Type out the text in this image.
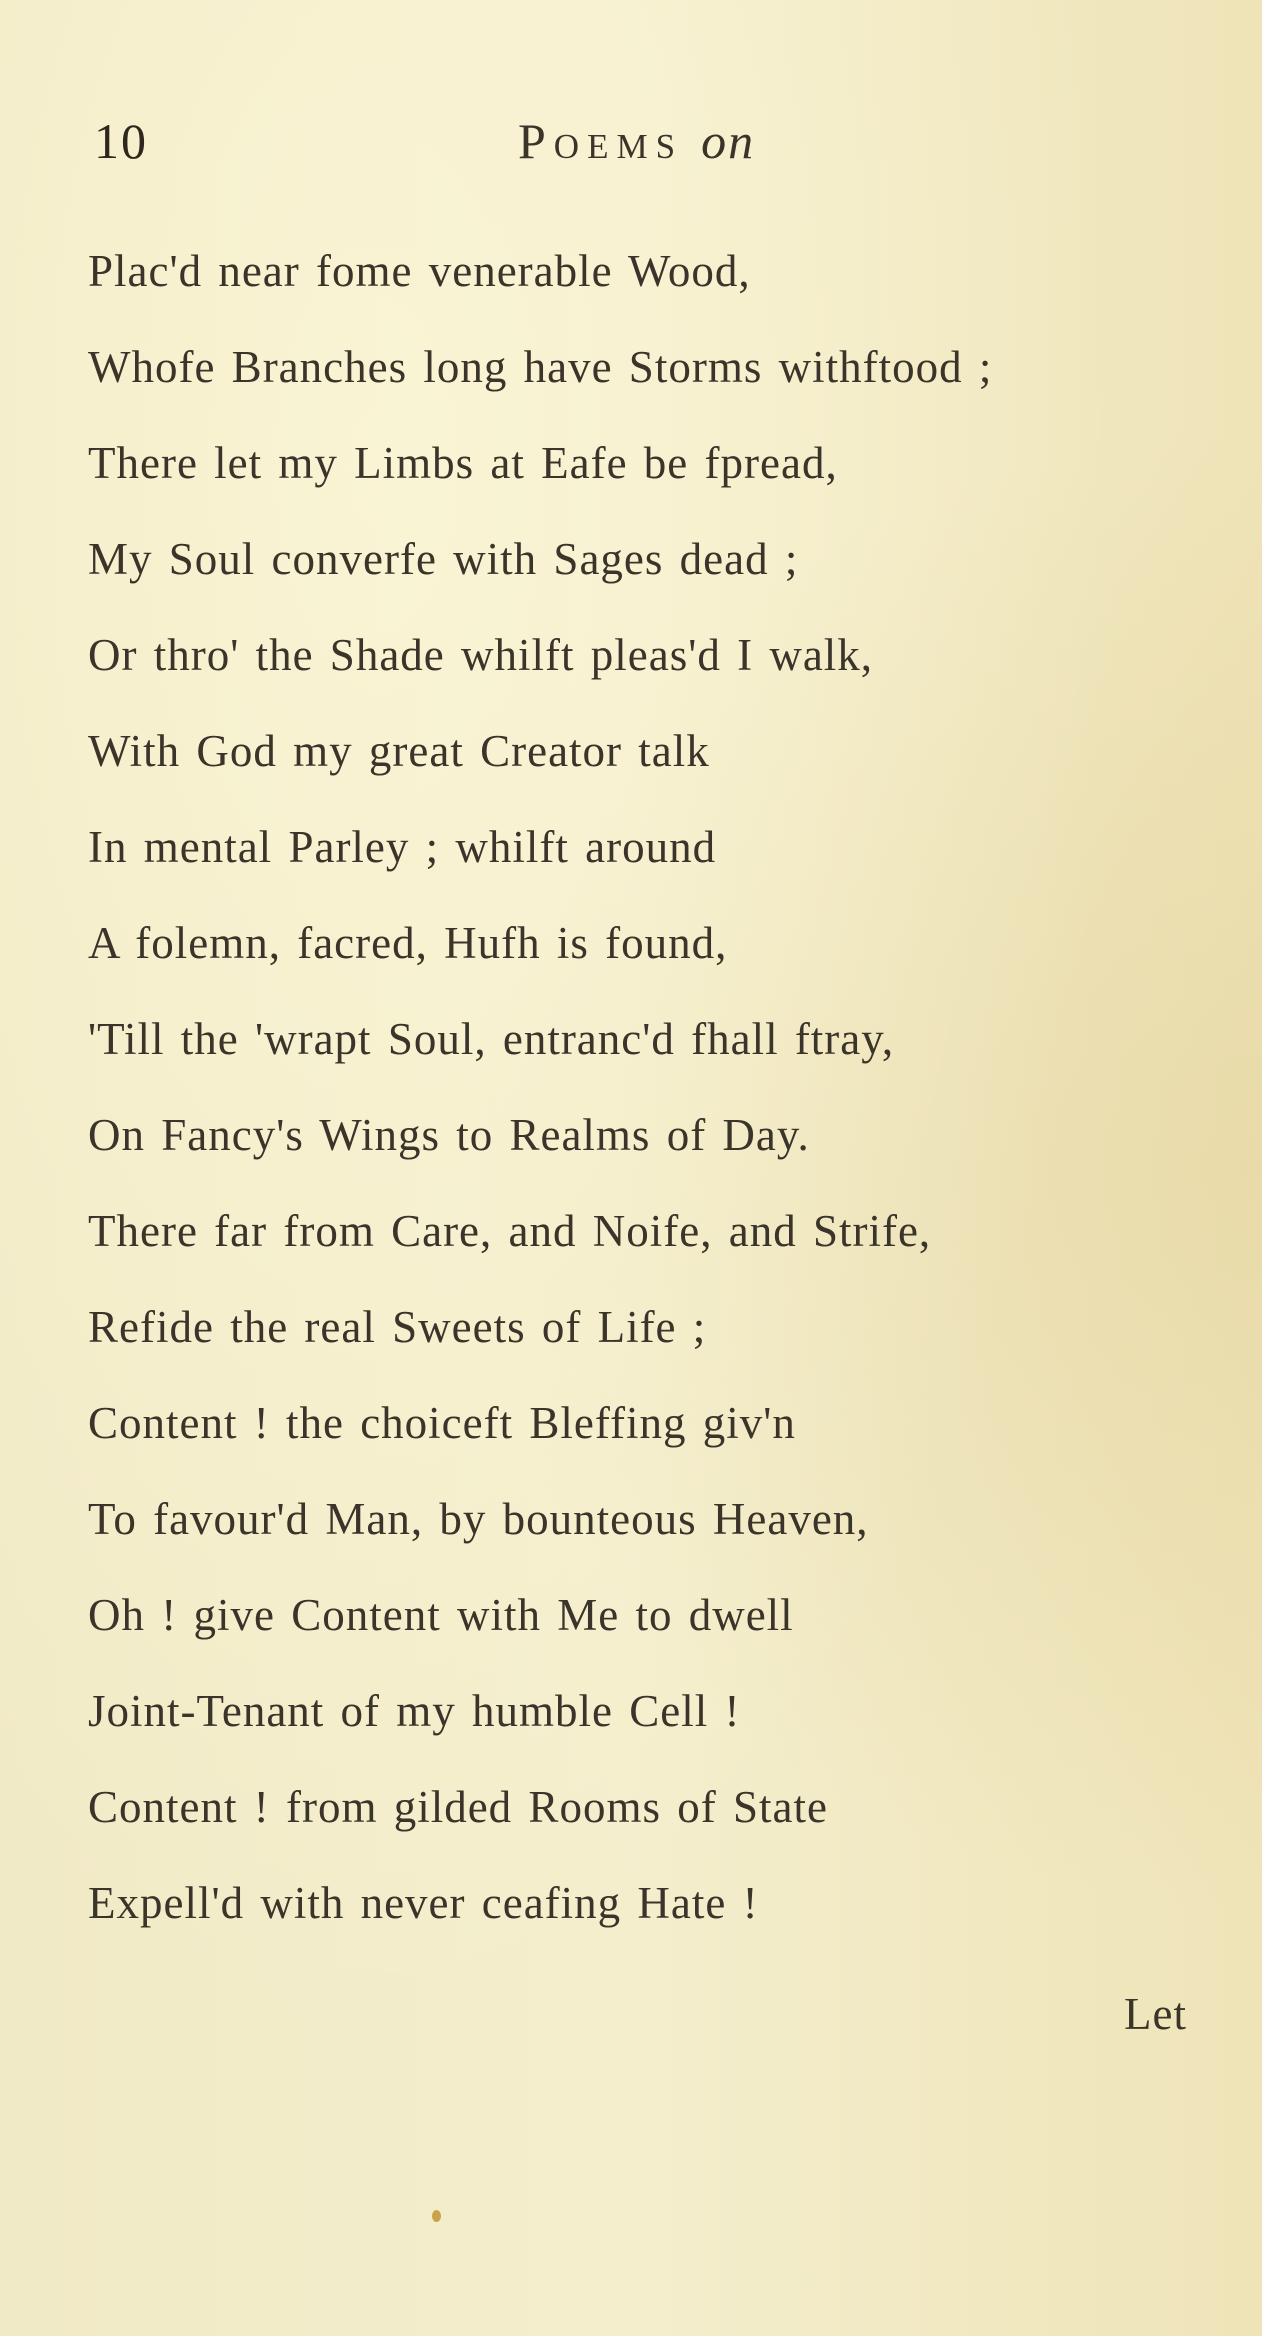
10	Poems on
Plac'd near fome venerable Wood,
Whofe Branches long have Storms withftood ;
There let my Limbs at Eafe be fpread,
My Soul converfe with Sages dead ;
Or thro' the Shade whilft pleas'd I walk,
With God my great Creator talk
In mental Parley ; whilft around
A folemn, facred, Hufh is found,
'Till the 'wrapt Soul, entranc'd fhall ftray,
On Fancy's Wings to Realms of Day.
There far from Care, and Noife, and Strife,
Refide the real Sweets of Life ;
Content ! the choiceft Bleffing giv'n
To favour'd Man, by bounteous Heaven,
Oh ! give Content with Me to dwell
Joint-Tenant of my humble Cell !
Content ! from gilded Rooms of State
Expell'd with never ceafing Hate !
Let
